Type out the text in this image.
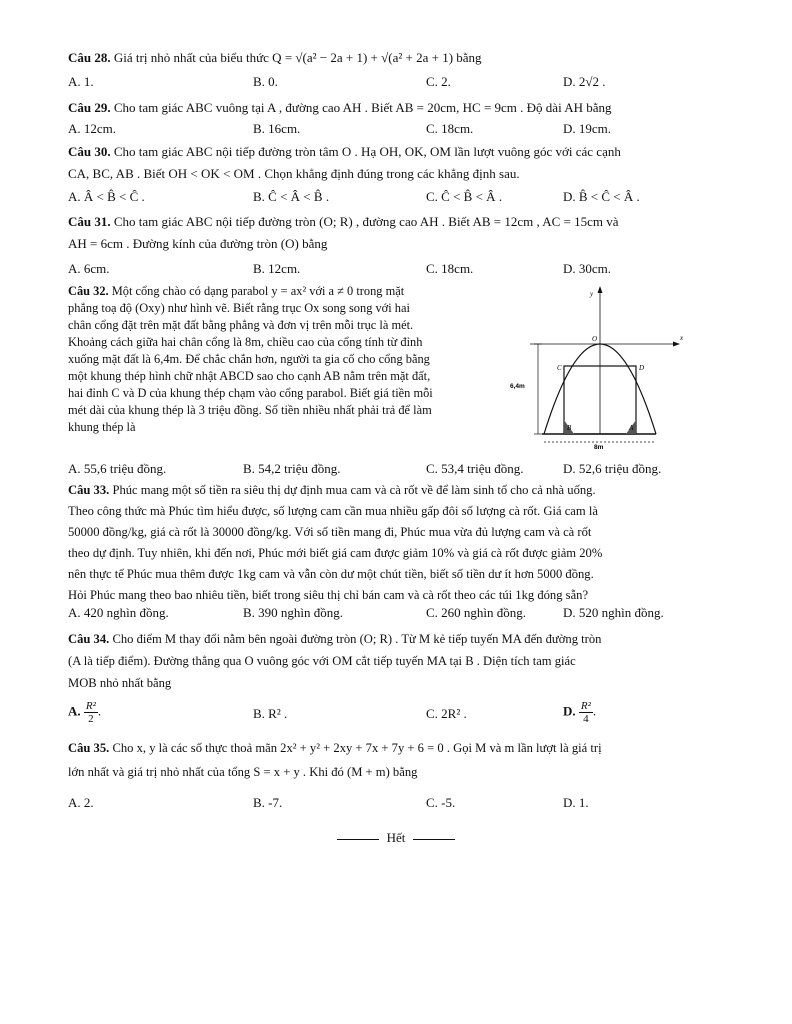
Câu 28. Giá trị nhỏ nhất của biểu thức Q = √(a² − 2a + 1) + √(a² + 2a + 1) bằng
A. 1.	B. 0.	C. 2.	D. 2√2 .
Câu 29. Cho tam giác ABC vuông tại A , đường cao AH . Biết AB = 20cm, HC = 9cm . Độ dài AH bằng
A. 12cm.	B. 16cm.	C. 18cm.	D. 19cm.
Câu 30. Cho tam giác ABC nội tiếp đường tròn tâm O . Hạ OH, OK, OM lần lượt vuông góc với các cạnh
CA, BC, AB . Biết OH < OK < OM . Chọn khẳng định đúng trong các khẳng định sau.
A. Â < B̂ < Ĉ .	B. Ĉ < Â < B̂ .	C. Ĉ < B̂ < Â .	D. B̂ < Ĉ < Â .
Câu 31. Cho tam giác ABC nội tiếp đường tròn (O; R) , đường cao AH . Biết AB = 12cm , AC = 15cm và
AH = 6cm . Đường kính của đường tròn (O) bằng
A. 6cm.	B. 12cm.	C. 18cm.	D. 30cm.
Câu 32. Một cổng chào có dạng parabol y = ax² với a ≠ 0 trong mặt
phẳng toạ độ (Oxy) như hình vẽ. Biết rằng trục Ox song song với hai
chân cổng đặt trên mặt đất bằng phẳng và đơn vị trên mỗi trục là mét.
Khoảng cách giữa hai chân cổng là 8m, chiều cao của cổng tính từ đỉnh
xuống mặt đất là 6,4m. Để chắc chắn hơn, người ta gia cố cho cổng bằng
một khung thép hình chữ nhật ABCD sao cho cạnh AB nằm trên mặt đất,
hai đỉnh C và D của khung thép chạm vào cổng parabol. Biết giá tiền mỗi
mét dài của khung thép là 3 triệu đồng. Số tiền nhiều nhất phải trả để làm
khung thép là
y
x
O
C	D
B	A
6,4m
8m
A. 55,6 triệu đồng.	B. 54,2 triệu đồng.	C. 53,4 triệu đồng.	D. 52,6 triệu đồng.
Câu 33. Phúc mang một số tiền ra siêu thị dự định mua cam và cà rốt về để làm sinh tố cho cả nhà uống.
Theo công thức mà Phúc tìm hiểu được, số lượng cam cần mua nhiều gấp đôi số lượng cà rốt. Giá cam là
50000 đồng/kg, giá cà rốt là 30000 đồng/kg. Với số tiền mang đi, Phúc mua vừa đủ lượng cam và cà rốt
theo dự định. Tuy nhiên, khi đến nơi, Phúc mới biết giá cam được giảm 10% và giá cà rốt được giảm 20%
nên thực tế Phúc mua thêm được 1kg cam và vẫn còn dư một chút tiền, biết số tiền dư ít hơn 5000 đồng.
Hỏi Phúc mang theo bao nhiêu tiền, biết trong siêu thị chỉ bán cam và cà rốt theo các túi 1kg đóng sẵn?
A. 420 nghìn đồng.	B. 390 nghìn đồng.	C. 260 nghìn đồng.	D. 520 nghìn đồng.
Câu 34. Cho điểm M thay đổi nằm bên ngoài đường tròn (O; R) . Từ M kẻ tiếp tuyến MA đến đường tròn
(A là tiếp điểm). Đường thẳng qua O vuông góc với OM cắt tiếp tuyến MA tại B . Diện tích tam giác
MOB nhỏ nhất bằng
A. $\frac{\text{R²}}{2}$ .	B. R² .	C. 2R² .	D. $\frac{\text{R²}}{4}$ .
Câu 35. Cho x, y là các số thực thoả mãn 2x² + y² + 2xy + 7x + 7y + 6 = 0 . Gọi M và m lần lượt là giá trị
lớn nhất và giá trị nhỏ nhất của tổng S = x + y . Khi đó (M + m) bằng
A. 2.	B. -7.	C. -5.	D. 1.
Hết
